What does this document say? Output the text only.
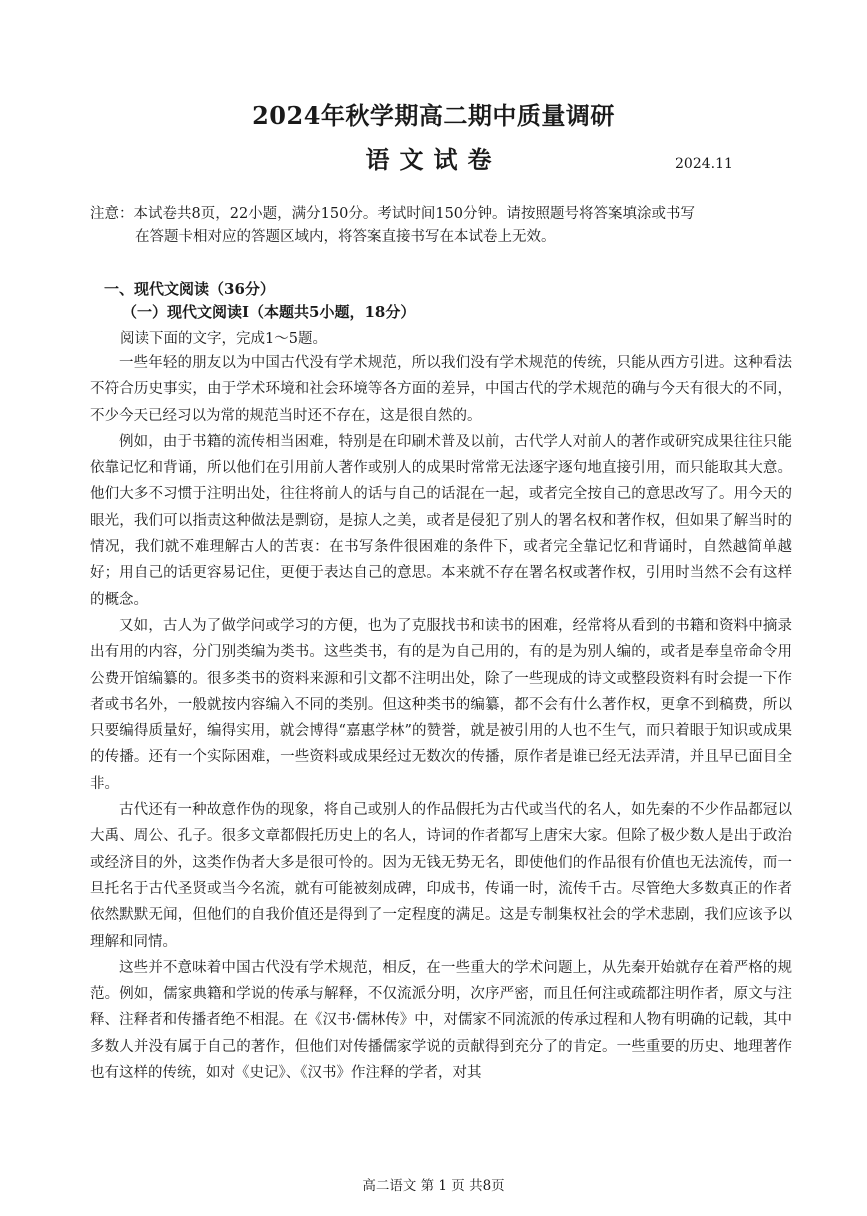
2024年秋学期高二期中质量调研
语文试卷	2024.11
注意：本试卷共8页，22小题，满分150分。考试时间150分钟。请按照题号将答案填涂或书写
在答题卡相对应的答题区域内，将答案直接书写在本试卷上无效。
一、现代文阅读（36分）
（一）现代文阅读Ⅰ（本题共5小题，18分）
阅读下面的文字，完成1～5题。

一些年轻的朋友以为中国古代没有学术规范，所以我们没有学术规范的传统，只能从西方引进。这种看法不符合历史事实，由于学术环境和社会环境等各方面的差异，中国古代的学术规范的确与今天有很大的不同，不少今天已经习以为常的规范当时还不存在，这是很自然的。

例如，由于书籍的流传相当困难，特别是在印刷术普及以前，古代学人对前人的著作或研究成果往往只能依靠记忆和背诵，所以他们在引用前人著作或别人的成果时常常无法逐字逐句地直接引用，而只能取其大意。他们大多不习惯于注明出处，往往将前人的话与自己的话混在一起，或者完全按自己的意思改写了。用今天的眼光，我们可以指责这种做法是剽窃，是掠人之美，或者是侵犯了别人的署名权和著作权，但如果了解当时的情况，我们就不难理解古人的苦衷：在书写条件很困难的条件下，或者完全靠记忆和背诵时，自然越简单越好；用自己的话更容易记住，更便于表达自己的意思。本来就不存在署名权或著作权，引用时当然不会有这样的概念。

又如，古人为了做学问或学习的方便，也为了克服找书和读书的困难，经常将从看到的书籍和资料中摘录出有用的内容，分门别类编为类书。这些类书，有的是为自己用的，有的是为别人编的，或者是奉皇帝命令用公费开馆编纂的。很多类书的资料来源和引文都不注明出处，除了一些现成的诗文或整段资料有时会提一下作者或书名外，一般就按内容编入不同的类别。但这种类书的编纂，都不会有什么著作权，更拿不到稿费，所以只要编得质量好，编得实用，就会博得“嘉惠学林”的赞誉，就是被引用的人也不生气，而只着眼于知识或成果的传播。还有一个实际困难，一些资料或成果经过无数次的传播，原作者是谁已经无法弄清，并且早已面目全非。

古代还有一种故意作伪的现象，将自己或别人的作品假托为古代或当代的名人，如先秦的不少作品都冠以大禹、周公、孔子。很多文章都假托历史上的名人，诗词的作者都写上唐宋大家。但除了极少数人是出于政治或经济目的外，这类作伪者大多是很可怜的。因为无钱无势无名，即使他们的作品很有价值也无法流传，而一旦托名于古代圣贤或当今名流，就有可能被刻成碑，印成书，传诵一时，流传千古。尽管绝大多数真正的作者依然默默无闻，但他们的自我价值还是得到了一定程度的满足。这是专制集权社会的学术悲剧，我们应该予以理解和同情。

这些并不意味着中国古代没有学术规范，相反，在一些重大的学术问题上，从先秦开始就存在着严格的规范。例如，儒家典籍和学说的传承与解释，不仅流派分明，次序严密，而且任何注或疏都注明作者，原文与注释、注释者和传播者绝不相混。在《汉书·儒林传》中，对儒家不同流派的传承过程和人物有明确的记载，其中多数人并没有属于自己的著作，但他们对传播儒家学说的贡献得到充分了的肯定。一些重要的历史、地理著作也有这样的传统，如对《史记》、《汉书》作注释的学者，对其

高二语文 第 1 页 共8页
